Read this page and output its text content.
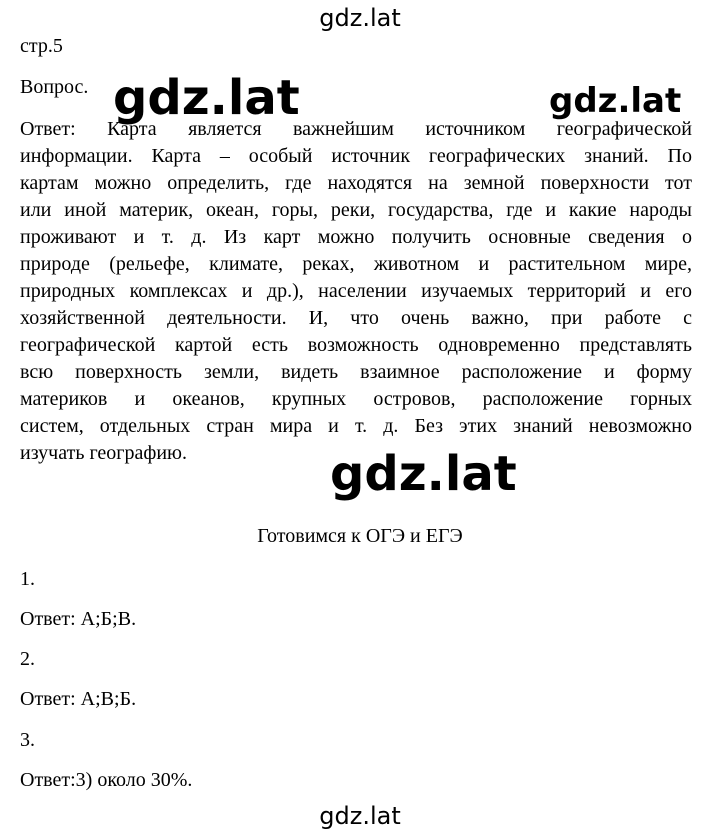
gdz.lat
стр.5
Вопрос.
Ответ: Карта является важнейшим источником географической
информации. Карта – особый источник географических знаний. По
картам можно определить, где находятся на земной поверхности тот
или иной материк, океан, горы, реки, государства, где и какие народы
проживают и т. д. Из карт можно получить основные сведения о
природе (рельефе, климате, реках, животном и растительном мире,
природных комплексах и др.), населении изучаемых территорий и его
хозяйственной деятельности. И, что очень важно, при работе с
географической картой есть возможность одновременно представлять
всю поверхность земли, видеть взаимное расположение и форму
материков и океанов, крупных островов, расположение горных
систем, отдельных стран мира и т. д. Без этих знаний невозможно
изучать географию.
gdz.lat	gdz.lat
gdz.lat
Готовимся к ОГЭ и ЕГЭ
1.
Ответ: А;Б;В.
2.
Ответ: А;В;Б.
3.
Ответ:3) около 30%.
gdz.lat
